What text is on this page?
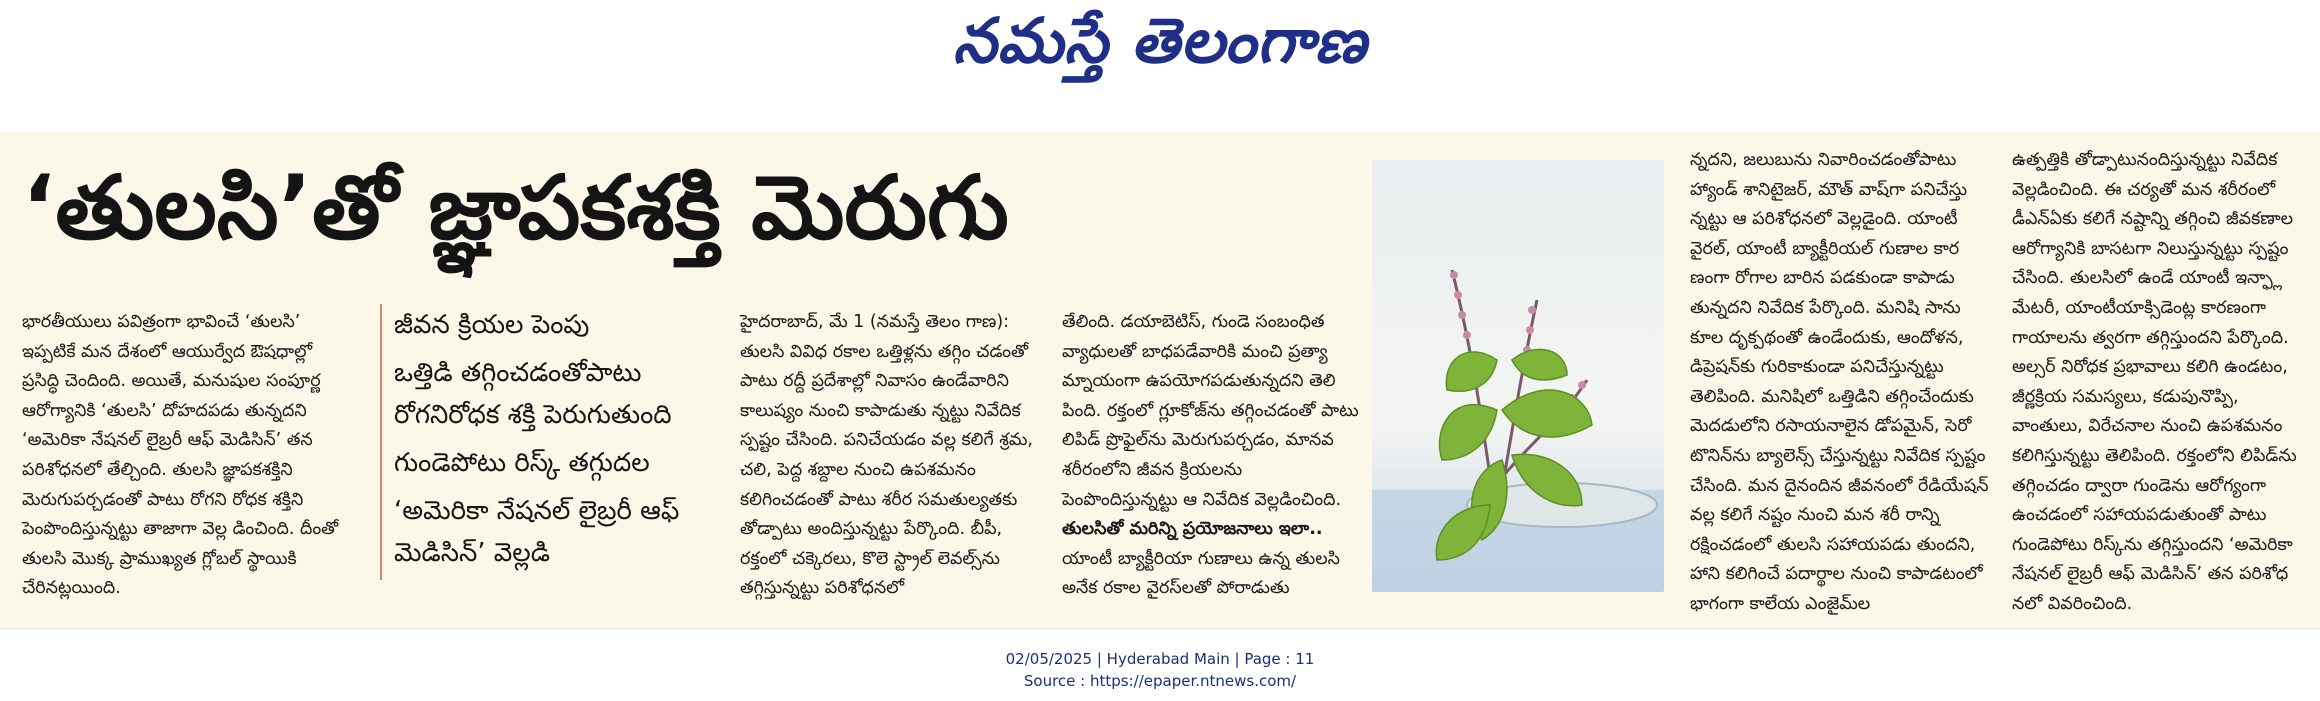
నమస్తే తెలంగాణ
‘తులసి’తో జ్ఞాపకశక్తి మెరుగు

భారతీయులు పవిత్రంగా భావించే ‘తులసి’ ఇప్పటికే మన దేశంలో ఆయుర్వేద ఔషధాల్లో ప్రసిద్ధి చెందింది. అయితే, మనుషుల సంపూర్ణ ఆరోగ్యానికి ‘తులసి’ దోహదపడు తున్నదని ‘అమెరికా నేషనల్ లైబ్రరీ ఆఫ్ మెడిసిన్’ తన పరిశోధనలో తేల్చింది. తులసి జ్ఞాపకశక్తిని మెరుగుపర్చడంతో పాటు రోగని రోధక శక్తిని పెంపొందిస్తున్నట్టు తాజాగా వెల్ల డించింది. దీంతో తులసి మొక్క ప్రాముఖ్యత గ్లోబల్ స్థాయికి చేరినట్లయింది.

జీవన క్రియల పెంపు

ఒత్తిడి తగ్గించడంతోపాటు రోగనిరోధక శక్తి పెరుగుతుంది

గుండెపోటు రిస్క్ తగ్గుదల

‘అమెరికా నేషనల్ లైబ్రరీ ఆఫ్ మెడిసిన్’ వెల్లడి

హైదరాబాద్, మే 1 (నమస్తే తెలం గాణ): తులసి వివిధ రకాల ఒత్తిళ్లను తగ్గిం చడంతో పాటు రద్దీ ప్రదేశాల్లో నివాసం ఉండేవారిని కాలుష్యం నుంచి కాపాడుతు న్నట్టు నివేదిక స్పష్టం చేసింది. పనిచేయడం వల్ల కలిగే శ్రమ, చలి, పెద్ద శబ్దాల నుంచి ఉపశమనం కలిగించడంతో పాటు శరీర సమతుల్యతకు తోడ్పాటు అందిస్తున్నట్టు పేర్కొంది. బీపీ, రక్తంలో చక్కెరలు, కొలె స్ట్రాల్ లెవల్స్‌ను తగ్గిస్తున్నట్టు పరిశోధనలో

తేలింది. డయాబెటిస్, గుండె సంబంధిత వ్యాధులతో బాధపడేవారికి మంచి ప్రత్యా మ్నాయంగా ఉపయోగపడుతున్నదని తెలి పింది. రక్తంలో గ్లూకోజ్‌ను తగ్గించడంతో పాటు లిపిడ్ ప్రొఫైల్‌ను మెరుగుపర్చడం, మానవ శరీరంలోని జీవన క్రియలను పెంపొందిస్తున్నట్టు ఆ నివేదిక వెల్లడించింది.

తులసితో మరిన్ని ప్రయోజనాలు ఇలా..

యాంటీ బ్యాక్టీరియా గుణాలు ఉన్న తులసి అనేక రకాల వైరస్‌లతో పోరాడుతు

న్నదని, జలుబును నివారించడంతోపాటు హ్యాండ్ శానిటైజర్, మౌత్ వాష్‌గా పనిచేస్తు న్నట్టు ఆ పరిశోధనలో వెల్లడైంది. యాంటీ వైరల్, యాంటీ బ్యాక్టీరియల్ గుణాల కార ణంగా రోగాల బారిన పడకుండా కాపాడు తున్నదని నివేదిక పేర్కొంది. మనిషి సాను కూల దృక్పథంతో ఉండేందుకు, ఆందోళన, డిప్రెషన్‌కు గురికాకుండా పనిచేస్తున్నట్టు తెలిపింది. మనిషిలో ఒత్తిడిని తగ్గించేందుకు మెదడులోని రసాయనాలైన డోపమైన్, సెరో టొనిన్‌ను బ్యాలెన్స్ చేస్తున్నట్టు నివేదిక స్పష్టం చేసింది. మన దైనందిన జీవనంలో రేడియేషన్ వల్ల కలిగే నష్టం నుంచి మన శరీ రాన్ని రక్షించడంలో తులసి సహాయపడు తుందని, హాని కలిగించే పదార్థాల నుంచి కాపాడటంలో భాగంగా కాలేయ ఎంజైమ్‌ల

ఉత్పత్తికి తోడ్పాటునందిస్తున్నట్టు నివేదిక వెల్లడించింది. ఈ చర్యతో మన శరీరంలో డీఎన్ఏకు కలిగే నష్టాన్ని తగ్గించి జీవకణాల ఆరోగ్యానికి బాసటగా నిలుస్తున్నట్టు స్పష్టం చేసింది. తులసిలో ఉండే యాంటీ ఇన్ఫ్లా మేటరీ, యాంటీయాక్సిడెంట్ల కారణంగా గాయాలను త్వరగా తగ్గిస్తుందని పేర్కొంది. అల్సర్ నిరోధక ప్రభావాలు కలిగి ఉండటం, జీర్ణక్రియ సమస్యలు, కడుపునొప్పి, వాంతులు, విరేచనాల నుంచి ఉపశమనం కలిగిస్తున్నట్టు తెలిపింది. రక్తంలోని లిపిడ్‌ను తగ్గించడం ద్వారా గుండెను ఆరోగ్యంగా ఉంచడంలో సహాయపడుతుంతో పాటు గుండెపోటు రిస్క్‌ను తగ్గిస్తుందని ‘అమెరికా నేషనల్ లైబ్రరీ ఆఫ్ మెడిసిన్’ తన పరిశోధ నలో వివరించింది.

02/05/2025 | Hyderabad Main | Page : 11
Source : https://epaper.ntnews.com/
